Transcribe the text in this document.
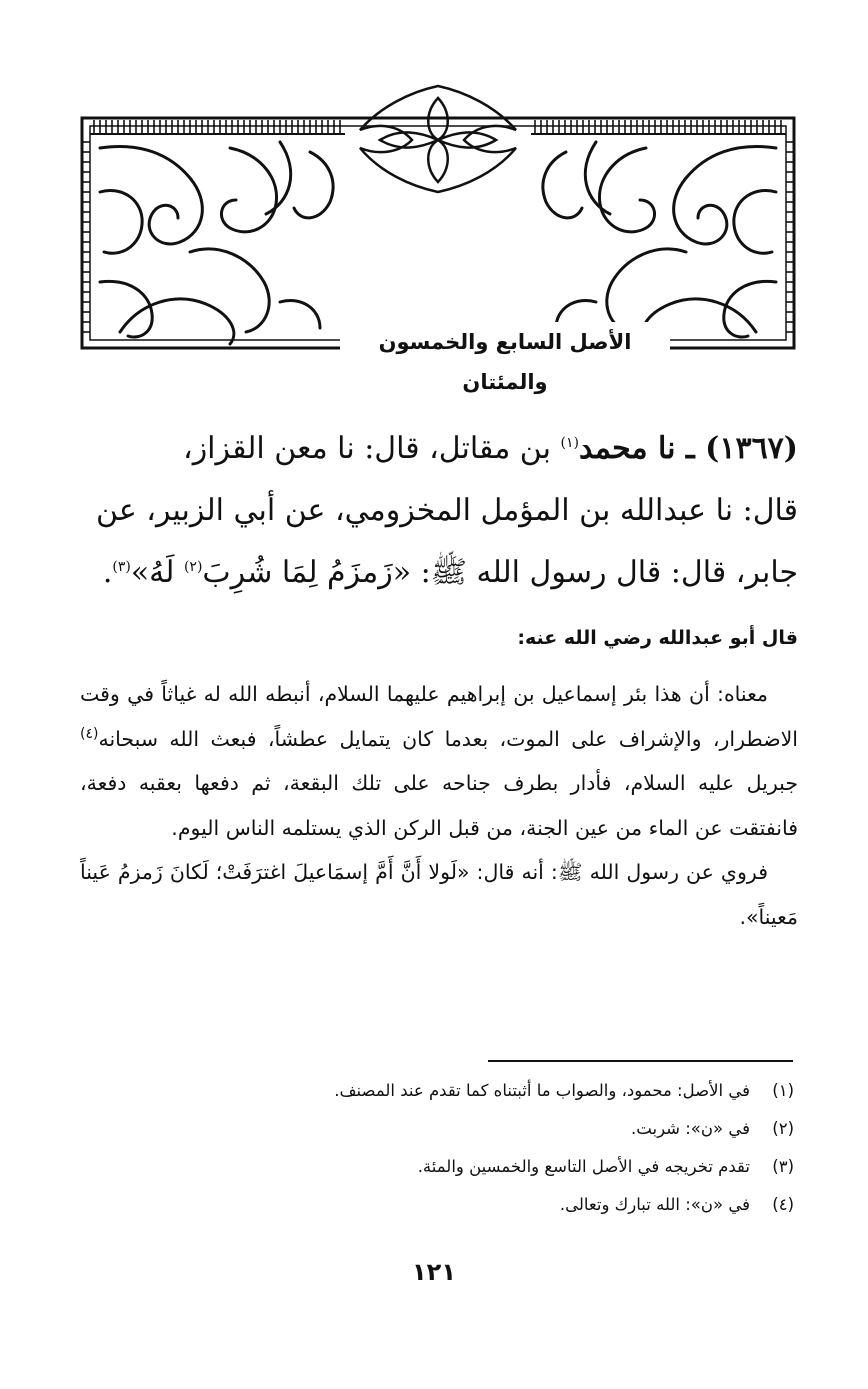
الأصل السابع والخمسون والمئتان

(١٣٦٧) ـ نا محمد$^{(١)}$ بن مقاتل، قال: نا معن القزاز،

قال: نا عبدالله بن المؤمل المخزومي، عن أبي الزبير، عن

جابر، قال: قال رسول الله ﷺ: «زَمزَمُ لِمَا شُرِبَ$^{(٢)}$ لَهُ»$^{(٣)}$.

قال أبو عبدالله رضي الله عنه:

معناه: أن هذا بئر إسماعيل بن إبراهيم عليهما السلام، أنبطه الله له غياثاً في وقت الاضطرار، والإشراف على الموت، بعدما كان يتمايل عطشاً، فبعث الله سبحانه$^{(٤)}$ جبريل عليه السلام، فأدار بطرف جناحه على تلك البقعة، ثم دفعها بعقبه دفعة، فانفتقت عن الماء من عين الجنة، من قبل الركن الذي يستلمه الناس اليوم.

فروي عن رسول الله ﷺ: أنه قال: «لَولا أَنَّ أَمَّ إسمَاعيلَ اغترَفَتْ؛ لَكانَ زَمزمُ عَيناً مَعيناً».

(١)
في الأصل: محمود، والصواب ما أثبتناه كما تقدم عند المصنف.
(٢)
في «ن»: شربت.
(٣)
تقدم تخريجه في الأصل التاسع والخمسين والمئة.
(٤)
في «ن»: الله تبارك وتعالى.
١٢١
